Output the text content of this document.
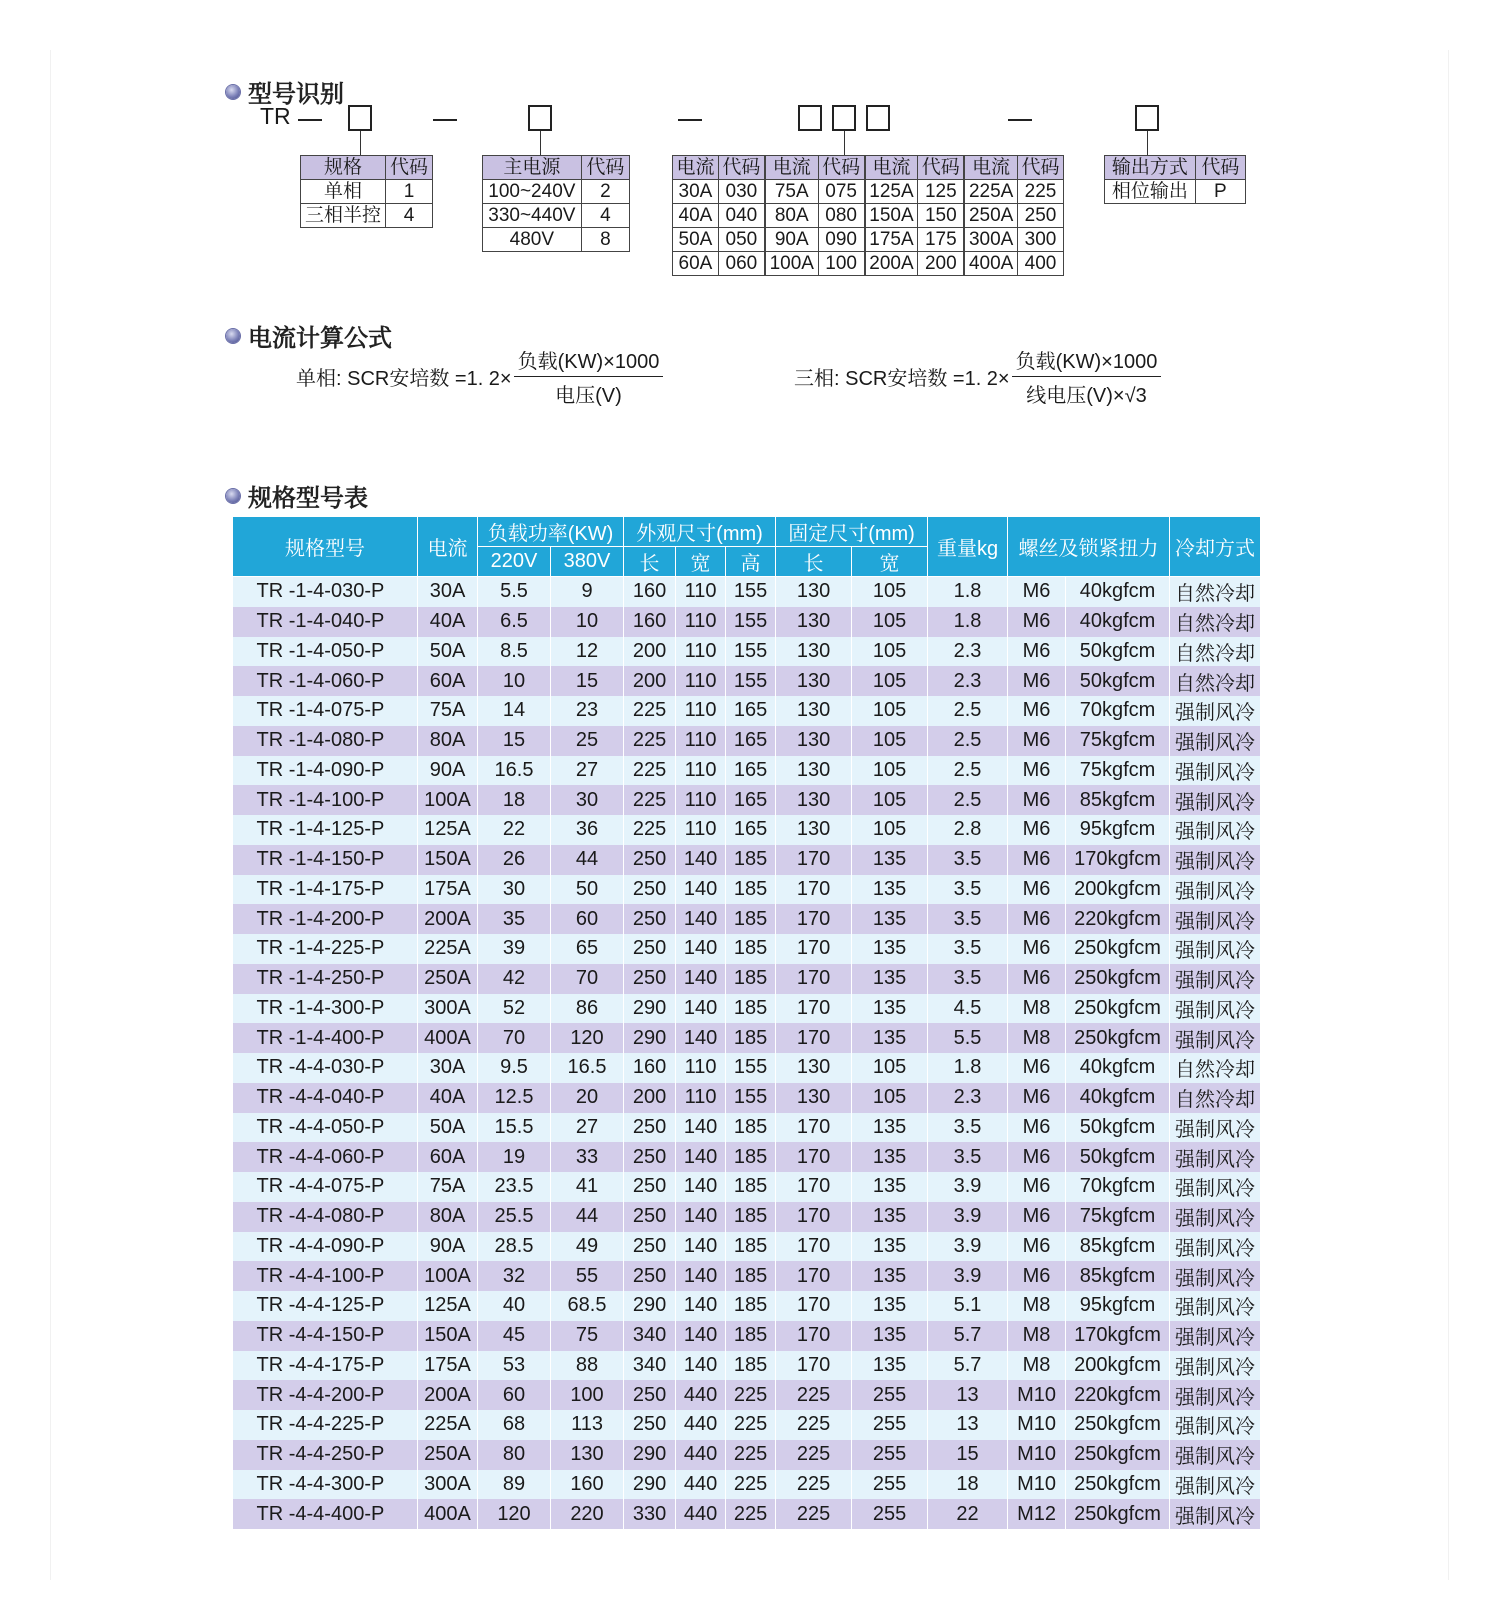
型号识别
TR
规格	代码
单相	1
三相半控	4
主电源	代码
100~240V	2
330~440V	4
480V	8
电流	代码	电流	代码	电流	代码	电流	代码
30A	030	75A	075	125A	125	225A	225
40A	040	80A	080	150A	150	250A	250
50A	050	90A	090	175A	175	300A	300
60A	060	100A	100	200A	200	400A	400
输出方式	代码
相位输出	P
电流计算公式
单相: SCR安培数 =1. $2\times \frac{\text{负载(KW)×1000}}{\text{电压(V)}}$	三相: SCR安培数 =1. $2\times \frac{\text{负载(KW)×1000}}{\text{线电压(V)×√3}}$
规格型号表
规格型号	电流	负载功率(KW)		外观尺寸(mm)			固定尺寸(mm)		重量kg	螺丝及锁紧扭力		冷却方式
		220V	380V	长	宽	高	长	宽				
TR -1-4-030-P	30A	5.5	9	160	110	155	130	105	1.8	M6	40kgfcm	自然冷却
TR -1-4-040-P	40A	6.5	10	160	110	155	130	105	1.8	M6	40kgfcm	自然冷却
TR -1-4-050-P	50A	8.5	12	200	110	155	130	105	2.3	M6	50kgfcm	自然冷却
TR -1-4-060-P	60A	10	15	200	110	155	130	105	2.3	M6	50kgfcm	自然冷却
TR -1-4-075-P	75A	14	23	225	110	165	130	105	2.5	M6	70kgfcm	强制风冷
TR -1-4-080-P	80A	15	25	225	110	165	130	105	2.5	M6	75kgfcm	强制风冷
TR -1-4-090-P	90A	16.5	27	225	110	165	130	105	2.5	M6	75kgfcm	强制风冷
TR -1-4-100-P	100A	18	30	225	110	165	130	105	2.5	M6	85kgfcm	强制风冷
TR -1-4-125-P	125A	22	36	225	110	165	130	105	2.8	M6	95kgfcm	强制风冷
TR -1-4-150-P	150A	26	44	250	140	185	170	135	3.5	M6	170kgfcm	强制风冷
TR -1-4-175-P	175A	30	50	250	140	185	170	135	3.5	M6	200kgfcm	强制风冷
TR -1-4-200-P	200A	35	60	250	140	185	170	135	3.5	M6	220kgfcm	强制风冷
TR -1-4-225-P	225A	39	65	250	140	185	170	135	3.5	M6	250kgfcm	强制风冷
TR -1-4-250-P	250A	42	70	250	140	185	170	135	3.5	M6	250kgfcm	强制风冷
TR -1-4-300-P	300A	52	86	290	140	185	170	135	4.5	M8	250kgfcm	强制风冷
TR -1-4-400-P	400A	70	120	290	140	185	170	135	5.5	M8	250kgfcm	强制风冷
TR -4-4-030-P	30A	9.5	16.5	160	110	155	130	105	1.8	M6	40kgfcm	自然冷却
TR -4-4-040-P	40A	12.5	20	200	110	155	130	105	2.3	M6	40kgfcm	自然冷却
TR -4-4-050-P	50A	15.5	27	250	140	185	170	135	3.5	M6	50kgfcm	强制风冷
TR -4-4-060-P	60A	19	33	250	140	185	170	135	3.5	M6	50kgfcm	强制风冷
TR -4-4-075-P	75A	23.5	41	250	140	185	170	135	3.9	M6	70kgfcm	强制风冷
TR -4-4-080-P	80A	25.5	44	250	140	185	170	135	3.9	M6	75kgfcm	强制风冷
TR -4-4-090-P	90A	28.5	49	250	140	185	170	135	3.9	M6	85kgfcm	强制风冷
TR -4-4-100-P	100A	32	55	250	140	185	170	135	3.9	M6	85kgfcm	强制风冷
TR -4-4-125-P	125A	40	68.5	290	140	185	170	135	5.1	M8	95kgfcm	强制风冷
TR -4-4-150-P	150A	45	75	340	140	185	170	135	5.7	M8	170kgfcm	强制风冷
TR -4-4-175-P	175A	53	88	340	140	185	170	135	5.7	M8	200kgfcm	强制风冷
TR -4-4-200-P	200A	60	100	250	440	225	225	255	13	M10	220kgfcm	强制风冷
TR -4-4-225-P	225A	68	113	250	440	225	225	255	13	M10	250kgfcm	强制风冷
TR -4-4-250-P	250A	80	130	290	440	225	225	255	15	M10	250kgfcm	强制风冷
TR -4-4-300-P	300A	89	160	290	440	225	225	255	18	M10	250kgfcm	强制风冷
TR -4-4-400-P	400A	120	220	330	440	225	225	255	22	M12	250kgfcm	强制风冷
